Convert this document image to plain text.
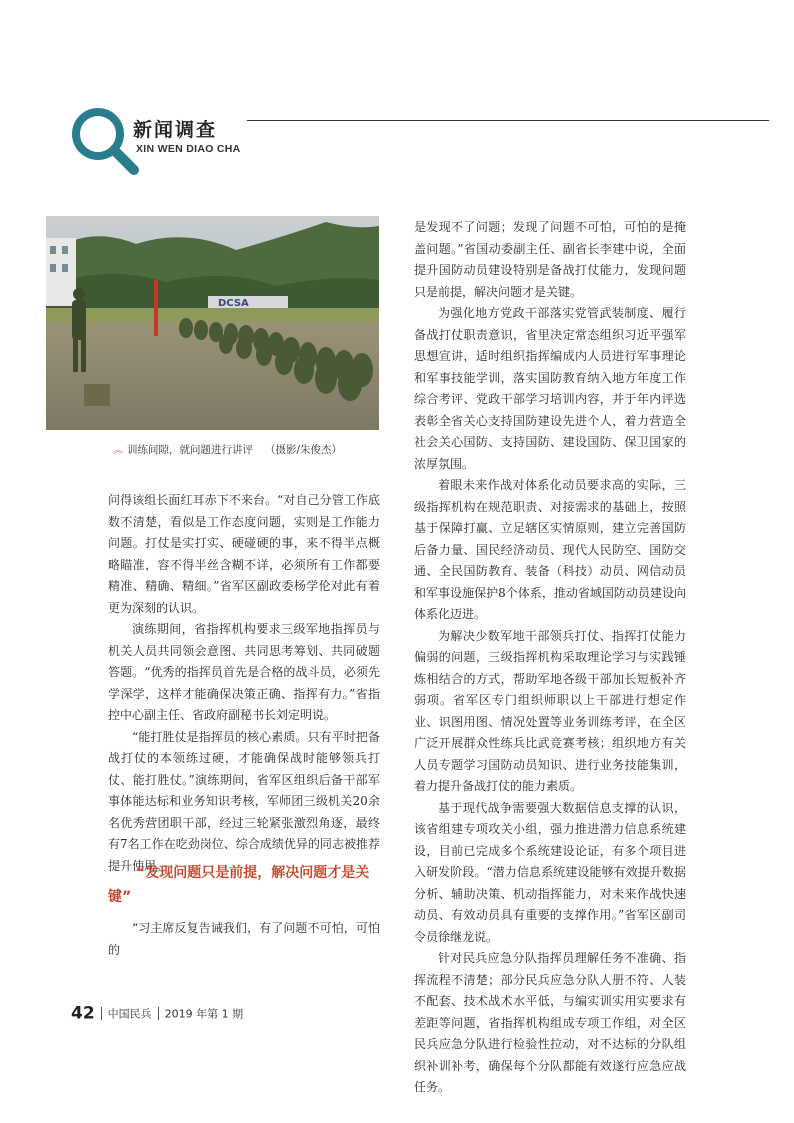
新闻调查
XIN WEN DIAO CHA
DCSA
︽ 训练间隙，就问题进行讲评 （摄影/朱俊杰）

问得该组长面红耳赤下不来台。“对自己分管工作底数不清楚，看似是工作态度问题，实则是工作能力问题。打仗是实打实、硬碰硬的事，来不得半点概略瞄准，容不得半丝含糊不详，必须所有工作都要精准、精确、精细。”省军区副政委杨学伦对此有着更为深刻的认识。

演练期间，省指挥机构要求三级军地指挥员与机关人员共同领会意图、共同思考筹划、共同破题答题。“优秀的指挥员首先是合格的战斗员，必须先学深学，这样才能确保决策正确、指挥有力。”省指控中心副主任、省政府副秘书长刘定明说。

“能打胜仗是指挥员的核心素质。只有平时把备战打仗的本领练过硬，才能确保战时能够领兵打仗、能打胜仗。”演练期间，省军区组织后备干部军事体能达标和业务知识考核，军师团三级机关20余名优秀营团职干部，经过三轮紧张激烈角逐，最终有7名工作在吃劲岗位、综合成绩优异的同志被推荐提升使用。

“发现问题只是前提，解决问题才是关键”

“习主席反复告诫我们，有了问题不可怕，可怕的

是发现不了问题；发现了问题不可怕，可怕的是掩盖问题。”省国动委副主任、副省长李建中说，全面提升国防动员建设特别是备战打仗能力，发现问题只是前提，解决问题才是关键。

为强化地方党政干部落实党管武装制度、履行备战打仗职责意识，省里决定常态组织习近平强军思想宣讲，适时组织指挥编成内人员进行军事理论和军事技能学训，落实国防教育纳入地方年度工作综合考评、党政干部学习培训内容，并于年内评选表彰全省关心支持国防建设先进个人，着力营造全社会关心国防、支持国防、建设国防、保卫国家的浓厚氛围。

着眼未来作战对体系化动员要求高的实际，三级指挥机构在规范职责、对接需求的基础上，按照基于保障打赢、立足辖区实情原则，建立完善国防后备力量、国民经济动员、现代人民防空、国防交通、全民国防教育、装备（科技）动员、网信动员和军事设施保护8个体系，推动省域国防动员建设向体系化迈进。

为解决少数军地干部领兵打仗、指挥打仗能力偏弱的问题，三级指挥机构采取理论学习与实践锤炼相结合的方式，帮助军地各级干部加长短板补齐弱项。省军区专门组织师职以上干部进行想定作业、识图用图、情况处置等业务训练考评，在全区广泛开展群众性练兵比武竞赛考核；组织地方有关人员专题学习国防动员知识、进行业务技能集训，着力提升备战打仗的能力素质。

基于现代战争需要强大数据信息支撑的认识，该省组建专项攻关小组，强力推进潜力信息系统建设，目前已完成多个系统建设论证，有多个项目进入研发阶段。“潜力信息系统建设能够有效提升数据分析、辅助决策、机动指挥能力，对未来作战快速动员、有效动员具有重要的支撑作用。”省军区副司令员徐继龙说。

针对民兵应急分队指挥员理解任务不准确、指挥流程不清楚；部分民兵应急分队人册不符、人装不配套、技术战术水平低，与编实训实用实要求有差距等问题，省指挥机构组成专项工作组，对全区民兵应急分队进行检验性拉动，对不达标的分队组织补训补考，确保每个分队都能有效遂行应急应战任务。

42 中国民兵 2019 年第 1 期
